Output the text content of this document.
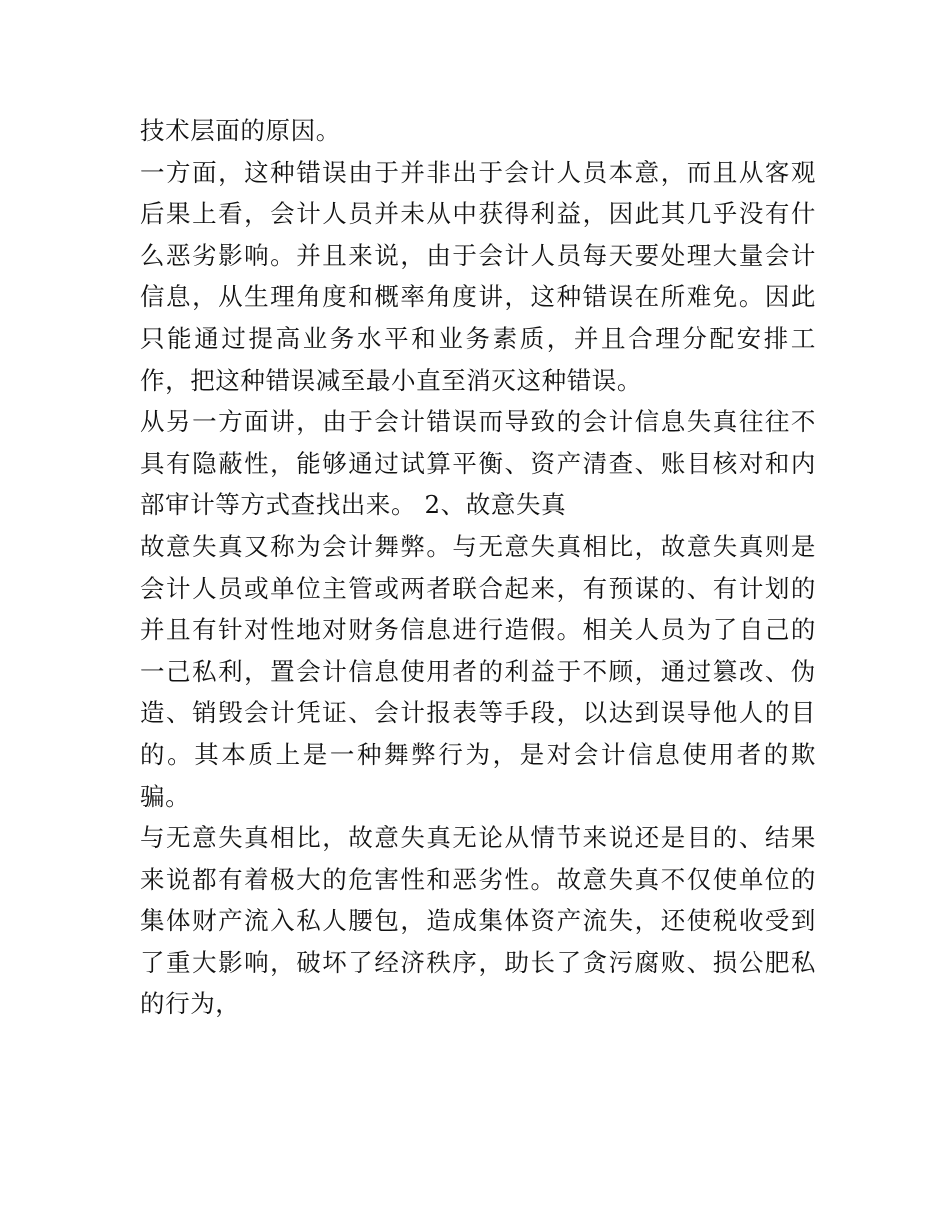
技术层面的原因。

一方面，这种错误由于并非出于会计人员本意，而且从客观后果上看，会计人员并未从中获得利益，因此其几乎没有什么恶劣影响。并且来说，由于会计人员每天要处理大量会计信息，从生理角度和概率角度讲，这种错误在所难免。因此只能通过提高业务水平和业务素质，并且合理分配安排工作，把这种错误减至最小直至消灭这种错误。

从另一方面讲，由于会计错误而导致的会计信息失真往往不具有隐蔽性，能够通过试算平衡、资产清查、账目核对和内部审计等方式查找出来。 2、故意失真

故意失真又称为会计舞弊。与无意失真相比，故意失真则是会计人员或单位主管或两者联合起来，有预谋的、有计划的并且有针对性地对财务信息进行造假。相关人员为了自己的一己私利，置会计信息使用者的利益于不顾，通过篡改、伪造、销毁会计凭证、会计报表等手段，以达到误导他人的目的。其本质上是一种舞弊行为，是对会计信息使用者的欺骗。

与无意失真相比，故意失真无论从情节来说还是目的、结果来说都有着极大的危害性和恶劣性。故意失真不仅使单位的集体财产流入私人腰包，造成集体资产流失，还使税收受到了重大影响，破坏了经济秩序，助长了贪污腐败、损公肥私的行为，
